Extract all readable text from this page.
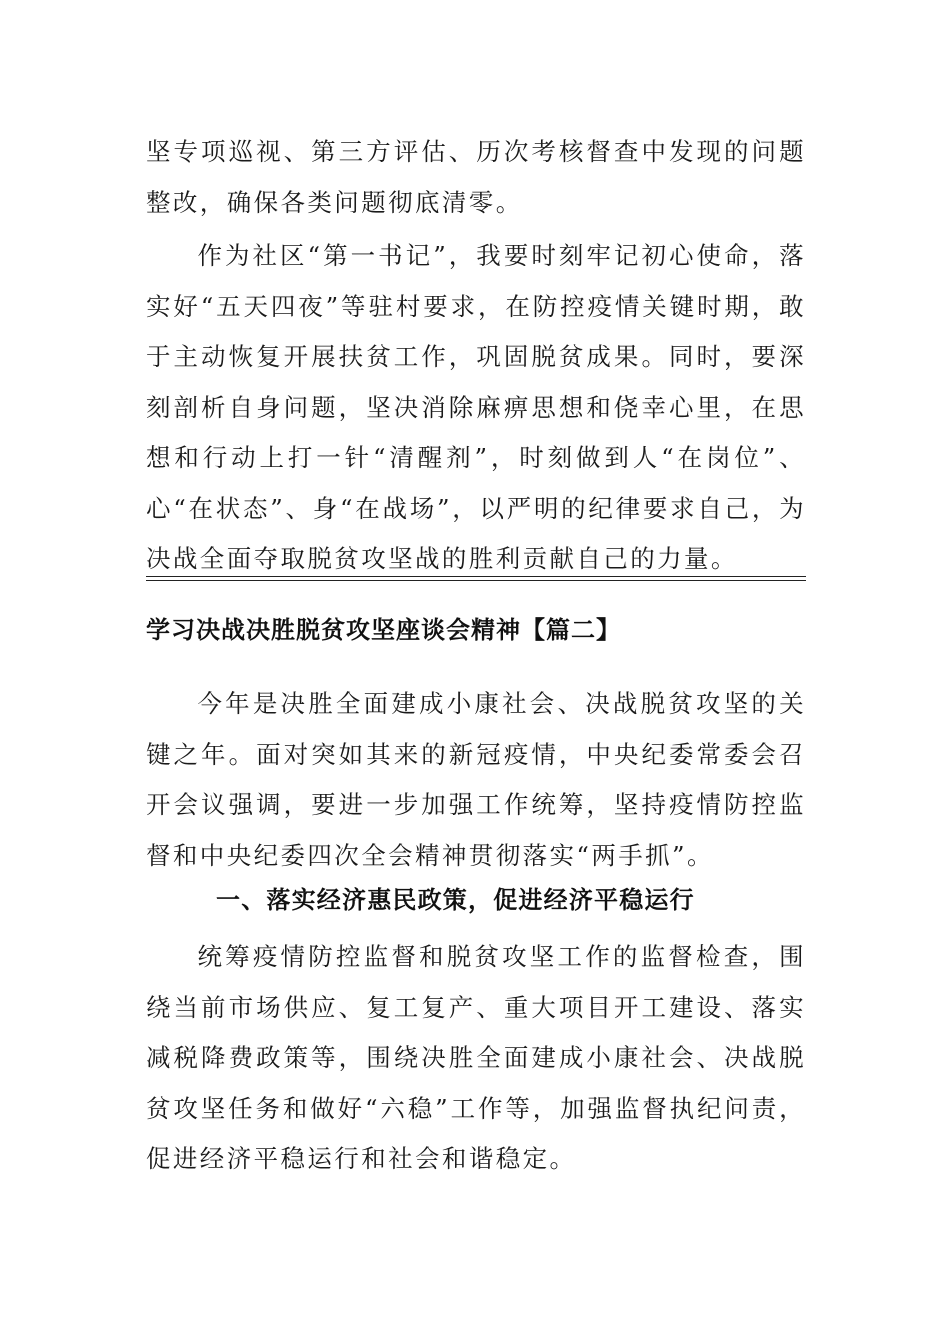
坚专项巡视、第三方评估、历次考核督查中发现的问题整改，确保各类问题彻底清零。

作为社区“第一书记”，我要时刻牢记初心使命，落实好“五天四夜”等驻村要求，在防控疫情关键时期，敢于主动恢复开展扶贫工作，巩固脱贫成果。同时，要深刻剖析自身问题，坚决消除麻痹思想和侥幸心里，在思想和行动上打一针“清醒剂”，时刻做到人“在岗位”、心“在状态”、身“在战场”，以严明的纪律要求自己，为决战全面夺取脱贫攻坚战的胜利贡献自己的力量。

学习决战决胜脱贫攻坚座谈会精神【篇二】

今年是决胜全面建成小康社会、决战脱贫攻坚的关键之年。面对突如其来的新冠疫情，中央纪委常委会召开会议强调，要进一步加强工作统筹，坚持疫情防控监督和中央纪委四次全会精神贯彻落实“两手抓”。

一、落实经济惠民政策，促进经济平稳运行

统筹疫情防控监督和脱贫攻坚工作的监督检查，围绕当前市场供应、复工复产、重大项目开工建设、落实减税降费政策等，围绕决胜全面建成小康社会、决战脱贫攻坚任务和做好“六稳”工作等，加强监督执纪问责，促进经济平稳运行和社会和谐稳定。
